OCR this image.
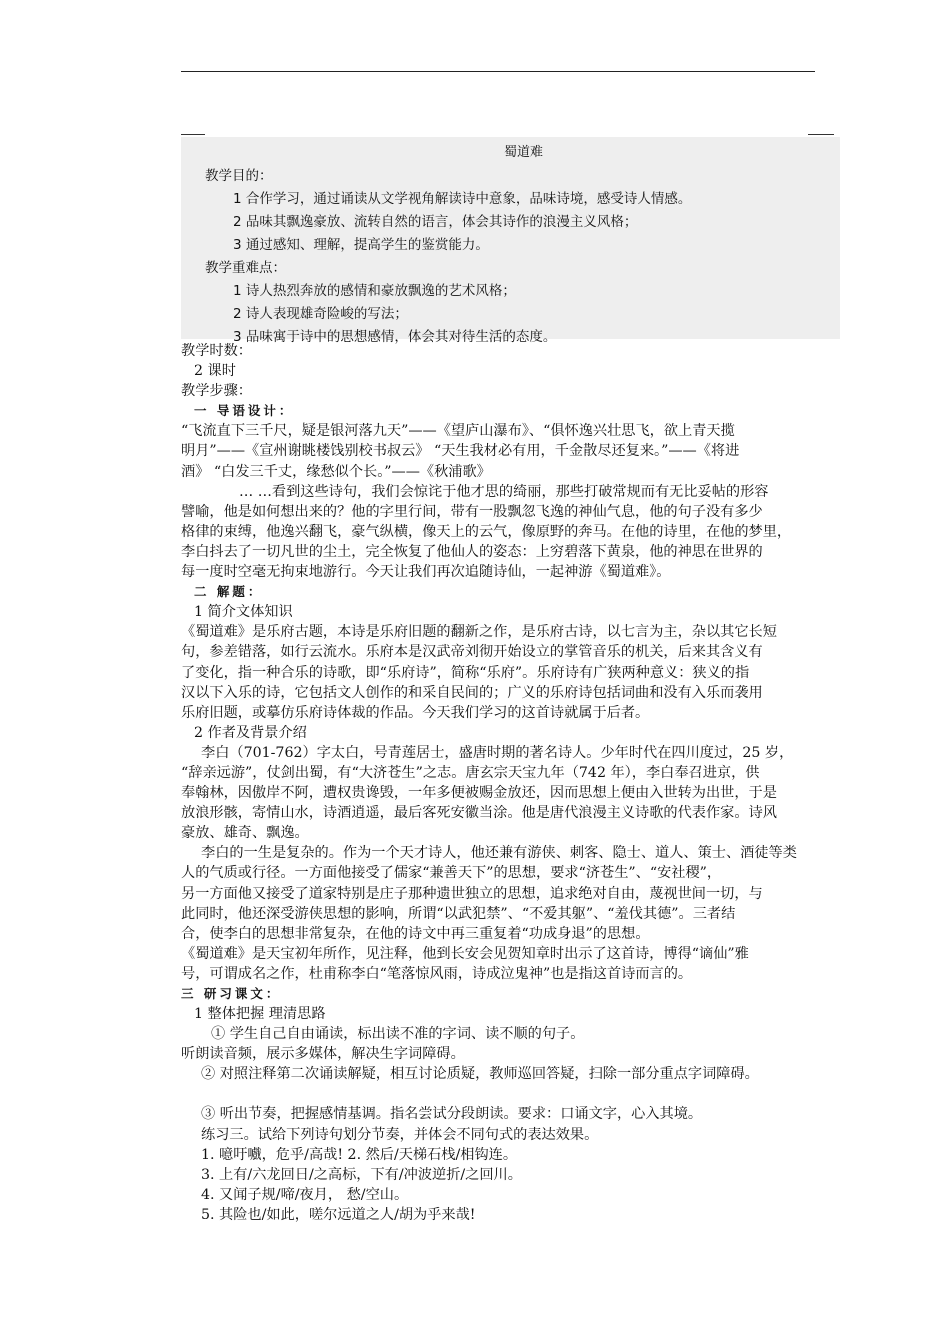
蜀道难
教学目的：
1 合作学习，通过诵读从文学视角解读诗中意象，品味诗境，感受诗人情感。
2 品味其飘逸豪放、流转自然的语言，体会其诗作的浪漫主义风格；
3 通过感知、理解，提高学生的鉴赏能力。
教学重难点：
1 诗人热烈奔放的感情和豪放飘逸的艺术风格；
2 诗人表现雄奇险峻的写法；
3 品味寓于诗中的思想感情，体会其对待生活的态度。

教学时数：

2 课时

教学步骤：

一 导语设计：

“飞流直下三千尺，疑是银河落九天”——《望庐山瀑布》、“俱怀逸兴壮思飞，欲上青天揽

明月”——《宣州谢眺楼饯别校书叔云》 “天生我材必有用，千金散尽还复来。”——《将进

酒》 “白发三千丈，缘愁似个长。”——《秋浦歌》

… …看到这些诗句，我们会惊诧于他才思的绮丽，那些打破常规而有无比妥帖的形容

譬喻，他是如何想出来的？他的字里行间，带有一股飘忽飞逸的神仙气息，他的句子没有多少

格律的束缚，他逸兴翻飞，豪气纵横，像天上的云气，像原野的奔马。在他的诗里，在他的梦里，

李白抖去了一切凡世的尘土，完全恢复了他仙人的姿态：上穷碧落下黄泉，他的神思在世界的

每一度时空毫无拘束地游行。今天让我们再次追随诗仙，一起神游《蜀道难》。

二 解题：

1 简介文体知识

《蜀道难》是乐府古题，本诗是乐府旧题的翻新之作，是乐府古诗，以七言为主，杂以其它长短

句，参差错落，如行云流水。乐府本是汉武帝刘彻开始设立的掌管音乐的机关，后来其含义有

了变化，指一种合乐的诗歌，即“乐府诗”，简称“乐府”。乐府诗有广狭两种意义：狭义的指

汉以下入乐的诗，它包括文人创作的和采自民间的；广义的乐府诗包括词曲和没有入乐而袭用

乐府旧题，或摹仿乐府诗体裁的作品。今天我们学习的这首诗就属于后者。

2 作者及背景介绍

李白（701-762）字太白，号青莲居士，盛唐时期的著名诗人。少年时代在四川度过，25 岁，

“辞亲远游”，仗剑出蜀，有“大济苍生”之志。唐玄宗天宝九年（742 年），李白奉召进京，供

奉翰林，因傲岸不阿，遭权贵谗毁，一年多便被赐金放还，因而思想上便由入世转为出世，于是

放浪形骸，寄情山水，诗酒逍遥，最后客死安徽当涂。他是唐代浪漫主义诗歌的代表作家。诗风

豪放、雄奇、飘逸。

李白的一生是复杂的。作为一个天才诗人，他还兼有游侠、刺客、隐士、道人、策士、酒徒等类

人的气质或行径。一方面他接受了儒家“兼善天下”的思想，要求“济苍生”、“安社稷”，

另一方面他又接受了道家特别是庄子那种遗世独立的思想，追求绝对自由，蔑视世间一切，与

此同时，他还深受游侠思想的影响，所谓“以武犯禁”、“不爱其躯”、“羞伐其德”。三者结

合，使李白的思想非常复杂，在他的诗文中再三重复着“功成身退”的思想。

《蜀道难》是天宝初年所作，见注释，他到长安会见贺知章时出示了这首诗，博得“谪仙”雅

号，可谓成名之作，杜甫称李白“笔落惊风雨，诗成泣鬼神”也是指这首诗而言的。

三 研习课文：

1 整体把握 理清思路

① 学生自己自由诵读，标出读不准的字词、读不顺的句子。

听朗读音频，展示多媒体，解决生字词障碍。

② 对照注释第二次诵读解疑，相互讨论质疑，教师巡回答疑，扫除一部分重点字词障碍。

③ 听出节奏，把握感情基调。指名尝试分段朗读。要求：口诵文字，心入其境。

练习三。试给下列诗句划分节奏，并体会不同句式的表达效果。

1. 噫吁嚱，危乎/高哉! 2. 然后/天梯石栈/相钩连。

3. 上有/六龙回日/之高标，下有/冲波逆折/之回川。

4. 又闻子规/啼/夜月， 愁/空山。

5. 其险也/如此，嗟尔远道之人/胡为乎来哉!
